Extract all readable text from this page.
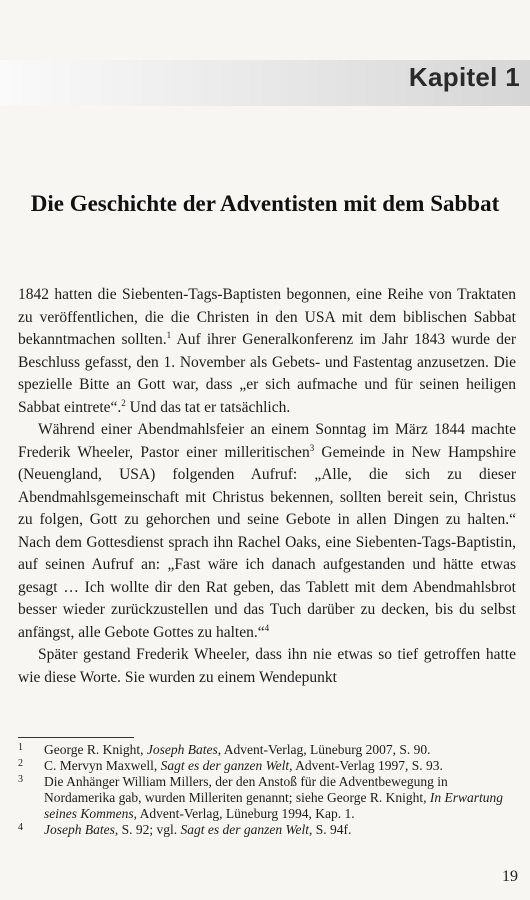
Kapitel 1
Die Geschichte der Adventisten mit dem Sabbat

1842 hatten die Siebenten-Tags-Baptisten begonnen, eine Reihe von Traktaten zu veröffentlichen, die die Christen in den USA mit dem biblischen Sabbat bekanntmachen sollten.$^1$ Auf ihrer Generalkonferenz im Jahr 1843 wurde der Beschluss gefasst, den 1. November als Gebets- und Fastentag anzusetzen. Die spezielle Bitte an Gott war, dass „er sich aufmache und für seinen heiligen Sabbat eintrete“.$^2$ Und das tat er tatsächlich.

Während einer Abendmahlsfeier an einem Sonntag im März 1844 machte Frederik Wheeler, Pastor einer milleritischen$^3$ Gemeinde in New Hampshire (Neuengland, USA) folgenden Aufruf: „Alle, die sich zu dieser Abendmahlsgemeinschaft mit Christus bekennen, sollten bereit sein, Christus zu folgen, Gott zu gehorchen und seine Gebote in allen Dingen zu halten.“ Nach dem Gottesdienst sprach ihn Rachel Oaks, eine Siebenten-Tags-Baptistin, auf seinen Aufruf an: „Fast wäre ich danach aufgestanden und hätte etwas gesagt … Ich wollte dir den Rat geben, das Tablett mit dem Abendmahlsbrot besser wieder zurückzustellen und das Tuch darüber zu decken, bis du selbst anfängst, alle Gebote Gottes zu halten.“$^4$

Später gestand Frederik Wheeler, dass ihn nie etwas so tief getroffen hatte wie diese Worte. Sie wurden zu einem Wendepunkt

1 George R. Knight, Joseph Bates, Advent-Verlag, Lüneburg 2007, S. 90.
2 C. Mervyn Maxwell, Sagt es der ganzen Welt, Advent-Verlag 1997, S. 93.
3 Die Anhänger William Millers, der den Anstoß für die Adventbewegung in Nordamerika gab, wurden Milleriten genannt; siehe George R. Knight, In Erwartung seines Kommens, Advent-Verlag, Lüneburg 1994, Kap. 1.
4 Joseph Bates, S. 92; vgl. Sagt es der ganzen Welt, S. 94f.
19
